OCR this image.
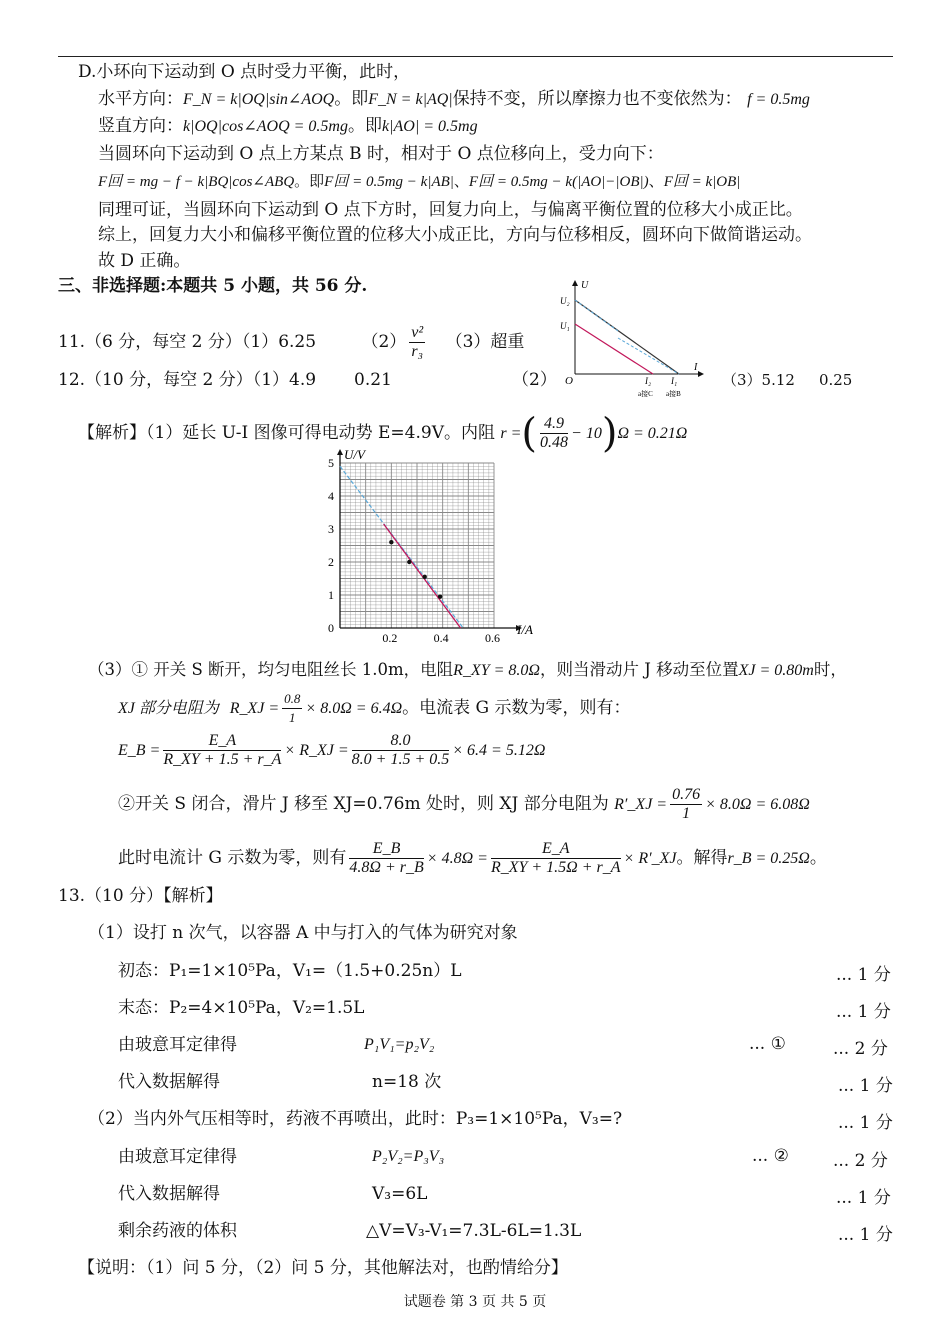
D.小环向下运动到 O 点时受力平衡，此时，
水平方向：F_N = k|OQ|sin∠AOQ。即F_N = k|AQ|保持不变，所以摩擦力也不变依然为： f = 0.5mg
竖直方向：k|OQ|cos∠AOQ = 0.5mg。即k|AO| = 0.5mg
当圆环向下运动到 O 点上方某点 B 时，相对于 O 点位移向上，受力向下：
F回 = mg − f − k|BQ|cos∠ABQ。即F回 = 0.5mg − k|AB|、F回 = 0.5mg − k(|AO|−|OB|)、F回 = k|OB|
同理可证，当圆环向下运动到 O 点下方时，回复力向上，与偏离平衡位置的位移大小成正比。
综上，回复力大小和偏移平衡位置的位移大小成正比，方向与位移相反，圆环向下做简谐运动。
故 D 正确。
三、非选择题:本题共 5 小题，共 56 分.
11.（6 分，每空 2 分）（1）6.25	$(2) \frac{\text{v²}}{\text{r₃}} (3)$超重
12.（10 分，每空 2 分）（1）4.9 0.21	（2）	（3）5.12 0.25
U
I
O
U₂
U₁
I₂ I₁
a接C a接B
【解析】（1）延长 U-I 图像可得电动势 E=4.9V。内阻 r =( $\frac{4.9}{0.48} - 10)\Omega = 0.21\Omega$
0.2	0.4	0.6
0
1
2
3
4
5
I/A
U/V
（3）① 开关 S 断开，均匀电阻丝长 1.0m，电阻R_XY = 8.0Ω，则当滑动片 J 移动至位置XJ = 0.80m时，
XJ 部分电阻为 R_XJ = $\frac{0.8}{1} \times 8.0\Omega = 6.4\Omega$。电流表 G 示数为零，则有：
E_B = $\frac{E\_A}{R\_XY + 1.5 + r\_A}$ × R_XJ = $\frac{8.0}{8.0 + 1.5 + 0.5} \times 6.4 = 5.12\Omega$
②开关 S 闭合，滑片 J 移至 XJ=0.76m 处时，则 XJ 部分电阻为 R′_XJ = $\frac{0.76}{1} \times 8.0\Omega = 6.08\Omega$
此时电流计 G 示数为零，则有 $\frac{E\_B}{4.8\Omega + r\_B} \times 4.8\Omega = \frac{E\_A}{R\_XY + 1.5\Omega + r\_A}$ × R′_XJ。解得r_B = 0.25Ω。
13.（10 分）【解析】
（1）设打 n 次气，以容器 A 中与打入的气体为研究对象
初态：P₁=1×10⁵Pa，V₁=（1.5+0.25n）L	... 1 分
末态：P₂=4×10⁵Pa，V₂=1.5L	... 1 分
由玻意耳定律得	P₁V₁=p₂V₂	... ①	... 2 分
代入数据解得	n=18 次	... 1 分
（2）当内外气压相等时，药液不再喷出，此时：P₃=1×10⁵Pa，V₃=?	... 1 分
由玻意耳定律得	P₂V₂=P₃V₃	... ②	... 2 分
代入数据解得	V₃=6L	... 1 分
剩余药液的体积	△V=V₃-V₁=7.3L-6L=1.3L	... 1 分
【说明：（1）问 5 分，（2）问 5 分，其他解法对，也酌情给分】
试题卷 第 3 页 共 5 页
